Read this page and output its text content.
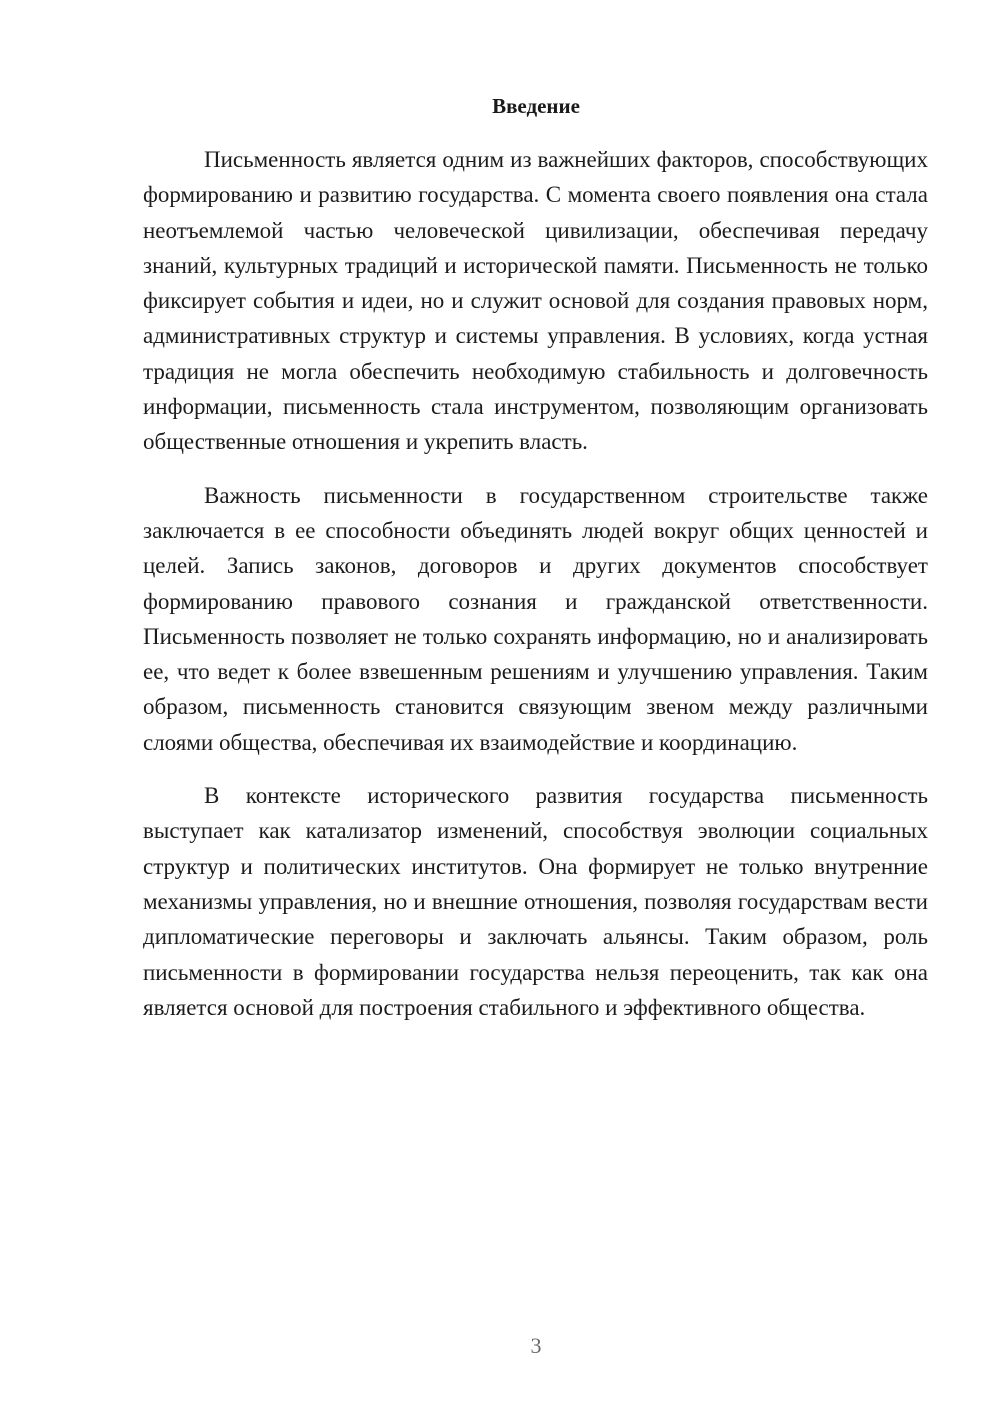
Введение

Письменность является одним из важнейших факторов, способствующих формированию и развитию государства. С момента своего появления она стала неотъемлемой частью человеческой цивилизации, обеспечивая передачу знаний, культурных традиций и исторической памяти. Письменность не только фиксирует события и идеи, но и служит основой для создания правовых норм, административных структур и системы управления. В условиях, когда устная традиция не могла обеспечить необходимую стабильность и долговечность информации, письменность стала инструментом, позволяющим организовать общественные отношения и укрепить власть.

Важность письменности в государственном строительстве также заключается в ее способности объединять людей вокруг общих ценностей и целей. Запись законов, договоров и других документов способствует формированию правового сознания и гражданской ответственности. Письменность позволяет не только сохранять информацию, но и анализировать ее, что ведет к более взвешенным решениям и улучшению управления. Таким образом, письменность становится связующим звеном между различными слоями общества, обеспечивая их взаимодействие и координацию.

В контексте исторического развития государства письменность выступает как катализатор изменений, способствуя эволюции социальных структур и политических институтов. Она формирует не только внутренние механизмы управления, но и внешние отношения, позволяя государствам вести дипломатические переговоры и заключать альянсы. Таким образом, роль письменности в формировании государства нельзя переоценить, так как она является основой для построения стабильного и эффективного общества.

3
